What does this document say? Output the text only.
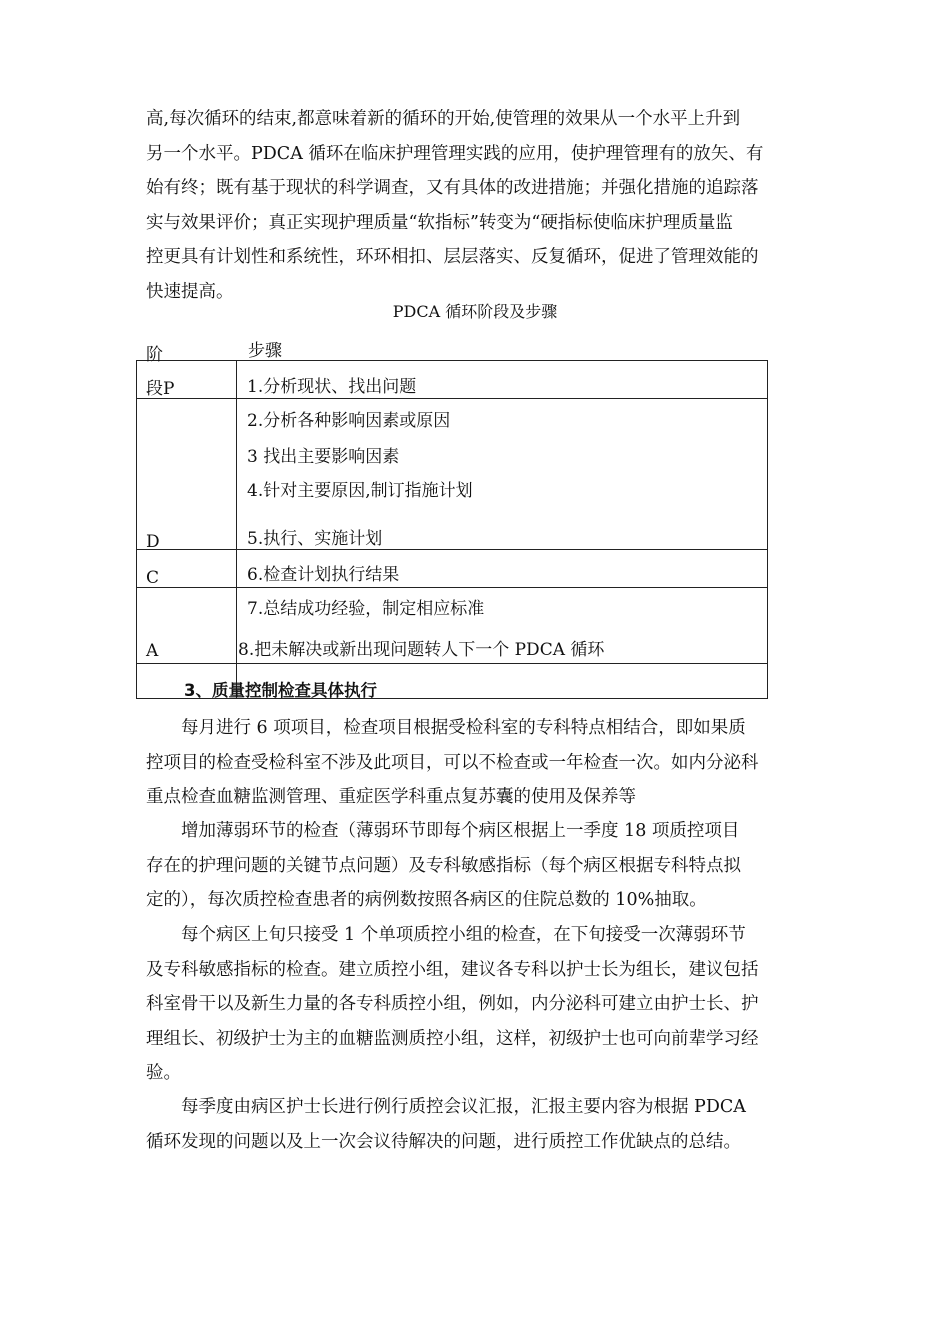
高,每次循环的结束,都意味着新的循环的开始,使管理的效果从一个水平上升到
另一个水平。PDCA 循环在临床护理管理实践的应用，使护理管理有的放矢、有
始有终；既有基于现状的科学调查，又有具体的改进措施；并强化措施的追踪落
实与效果评价；真正实现护理质量“软指标”转变为“硬指标使临床护理质量监
控更具有计划性和系统性，环环相扣、层层落实、反复循环，促进了管理效能的
快速提高。
PDCA 循环阶段及步骤
阶	步骤
段P
D
C
A
1.分析现状、找出问题
2.分析各种影响因素或原因
3 找出主要影响因素
4.针对主要原因,制订指施计划
5.执行、实施计划
6.检查计划执行结果
7.总结成功经验，制定相应标准
8.把未解决或新出现问题转人下一个 PDCA 循环
3、质量控制检查具体执行
　　每月进行 6 项项目，检查项目根据受检科室的专科特点相结合，即如果质
控项目的检查受检科室不涉及此项目，可以不检查或一年检查一次。如内分泌科
重点检查血糖监测管理、重症医学科重点复苏囊的使用及保养等
　　增加薄弱环节的检查（薄弱环节即每个病区根据上一季度 18 项质控项目
存在的护理问题的关键节点问题）及专科敏感指标（每个病区根据专科特点拟
定的），每次质控检查患者的病例数按照各病区的住院总数的 10%抽取。
　　每个病区上旬只接受 1 个单项质控小组的检查，在下旬接受一次薄弱环节
及专科敏感指标的检查。建立质控小组，建议各专科以护士长为组长，建议包括
科室骨干以及新生力量的各专科质控小组，例如，内分泌科可建立由护士长、护
理组长、初级护士为主的血糖监测质控小组，这样，初级护士也可向前辈学习经
验。
　　每季度由病区护士长进行例行质控会议汇报，汇报主要内容为根据 PDCA
循环发现的问题以及上一次会议待解决的问题，进行质控工作优缺点的总结。
